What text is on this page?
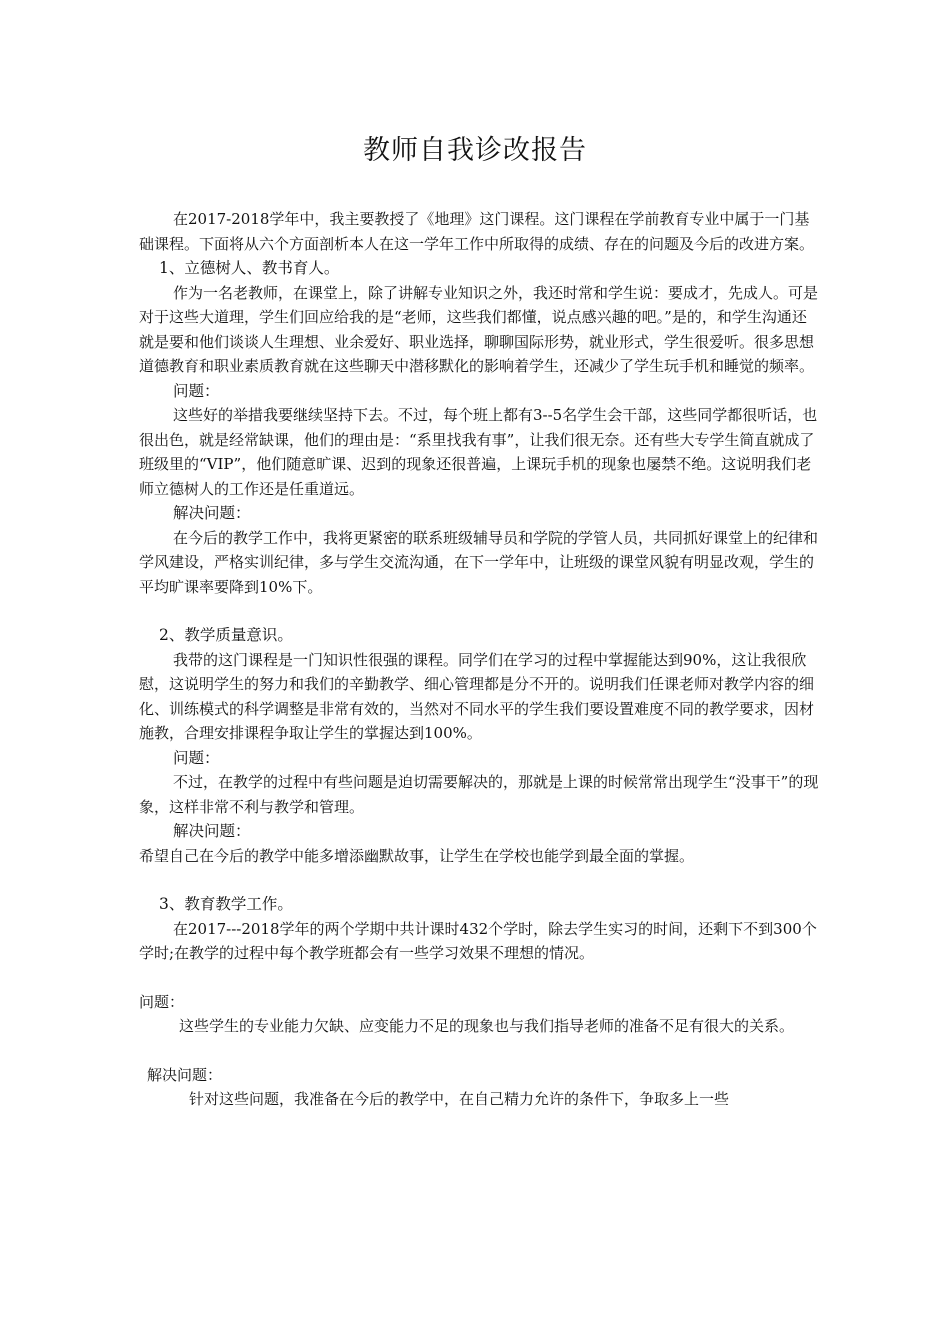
教师自我诊改报告

在2017-2018学年中，我主要教授了《地理》这门课程。这门课程在学前教育专业中属于一门基础课程。下面将从六个方面剖析本人在这一学年工作中所取得的成绩、存在的问题及今后的改进方案。

1、立德树人、教书育人。

作为一名老教师，在课堂上，除了讲解专业知识之外，我还时常和学生说：要成才，先成人。可是对于这些大道理，学生们回应给我的是“老师，这些我们都懂，说点感兴趣的吧。”是的，和学生沟通还就是要和他们谈谈人生理想、业余爱好、职业选择，聊聊国际形势，就业形式，学生很爱听。很多思想道德教育和职业素质教育就在这些聊天中潜移默化的影响着学生，还减少了学生玩手机和睡觉的频率。

问题：

这些好的举措我要继续坚持下去。不过，每个班上都有3--5名学生会干部，这些同学都很听话，也很出色，就是经常缺课，他们的理由是：“系里找我有事”，让我们很无奈。还有些大专学生简直就成了班级里的“VIP”，他们随意旷课、迟到的现象还很普遍，上课玩手机的现象也屡禁不绝。这说明我们老师立德树人的工作还是任重道远。

解决问题：

在今后的教学工作中，我将更紧密的联系班级辅导员和学院的学管人员，共同抓好课堂上的纪律和学风建设，严格实训纪律，多与学生交流沟通，在下一学年中，让班级的课堂风貌有明显改观，学生的平均旷课率要降到10%下。

2、教学质量意识。

我带的这门课程是一门知识性很强的课程。同学们在学习的过程中掌握能达到90%，这让我很欣慰，这说明学生的努力和我们的辛勤教学、细心管理都是分不开的。说明我们任课老师对教学内容的细化、训练模式的科学调整是非常有效的，当然对不同水平的学生我们要设置难度不同的教学要求，因材施教，合理安排课程争取让学生的掌握达到100%。

问题：

不过，在教学的过程中有些问题是迫切需要解决的，那就是上课的时候常常出现学生“没事干”的现象，这样非常不利与教学和管理。

解决问题：

希望自己在今后的教学中能多增添幽默故事，让学生在学校也能学到最全面的掌握。

3、教育教学工作。

在2017---2018学年的两个学期中共计课时432个学时，除去学生实习的时间，还剩下不到300个学时;在教学的过程中每个教学班都会有一些学习效果不理想的情况。

问题：

这些学生的专业能力欠缺、应变能力不足的现象也与我们指导老师的准备不足有很大的关系。

解决问题：

针对这些问题，我准备在今后的教学中，在自己精力允许的条件下，争取多上一些
